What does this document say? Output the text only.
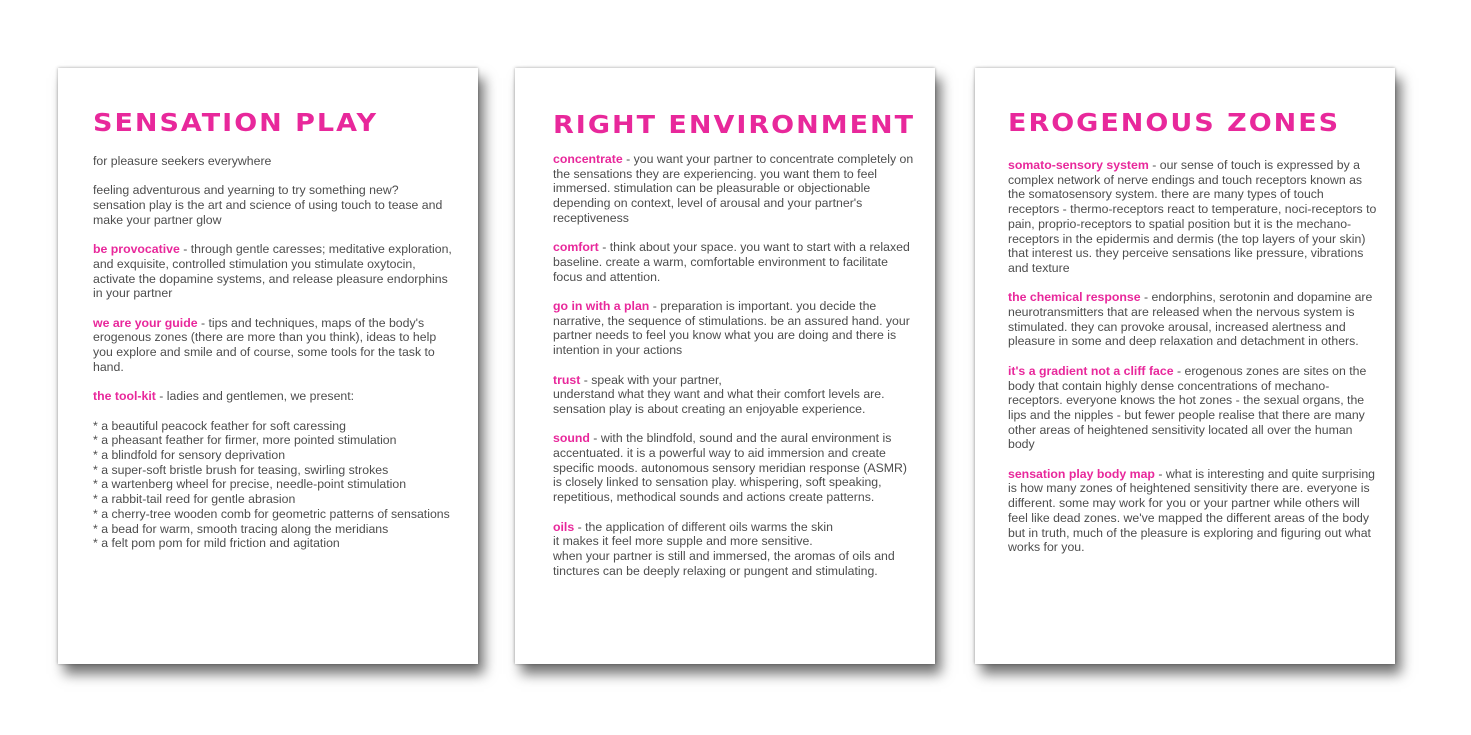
SENSATION PLAY

for pleasure seekers everywhere

feeling adventurous and yearning to try something new?
sensation play is the art and science of using touch to tease and make your partner glow

be provocative - through gentle caresses; meditative exploration, and exquisite, controlled stimulation you stimulate oxytocin, activate the dopamine systems, and release pleasure endorphins in your partner

we are your guide - tips and techniques, maps of the body's erogenous zones (there are more than you think), ideas to help you explore and smile and of course, some tools for the task to hand.

the tool-kit - ladies and gentlemen, we present:

* a beautiful peacock feather for soft caressing
* a pheasant feather for firmer, more pointed stimulation
* a blindfold for sensory deprivation
* a super-soft bristle brush for teasing, swirling strokes
* a wartenberg wheel for precise, needle-point stimulation
* a rabbit-tail reed for gentle abrasion
* a cherry-tree wooden comb for geometric patterns of sensations
* a bead for warm, smooth tracing along the meridians
* a felt pom pom for mild friction and agitation
RIGHT ENVIRONMENT

concentrate - you want your partner to concentrate completely on the sensations they are experiencing. you want them to feel immersed. stimulation can be pleasurable or objectionable depending on context, level of arousal and your partner's receptiveness

comfort - think about your space. you want to start with a relaxed baseline. create a warm, comfortable environment to facilitate focus and attention.

go in with a plan - preparation is important. you decide the narrative, the sequence of stimulations. be an assured hand. your partner needs to feel you know what you are doing and there is intention in your actions

trust - speak with your partner,
understand what they want and what their comfort levels are. sensation play is about creating an enjoyable experience.

sound - with the blindfold, sound and the aural environment is accentuated. it is a powerful way to aid immersion and create specific moods. autonomous sensory meridian response (ASMR) is closely linked to sensation play. whispering, soft speaking, repetitious, methodical sounds and actions create patterns.

oils - the application of different oils warms the skin
it makes it feel more supple and more sensitive.
when your partner is still and immersed, the aromas of oils and tinctures can be deeply relaxing or pungent and stimulating.

EROGENOUS ZONES

somato-sensory system - our sense of touch is expressed by a complex network of nerve endings and touch receptors known as the somatosensory system. there are many types of touch receptors - thermo-receptors react to temperature, noci-receptors to pain, proprio-receptors to spatial position but it is the mechano-receptors in the epidermis and dermis (the top layers of your skin) that interest us. they perceive sensations like pressure, vibrations and texture

the chemical response - endorphins, serotonin and dopamine are neurotransmitters that are released when the nervous system is stimulated. they can provoke arousal, increased alertness and pleasure in some and deep relaxation and detachment in others.

it's a gradient not a cliff face - erogenous zones are sites on the body that contain highly dense concentrations of mechano-receptors. everyone knows the hot zones - the sexual organs, the lips and the nipples - but fewer people realise that there are many other areas of heightened sensitivity located all over the human body

sensation play body map - what is interesting and quite surprising is how many zones of heightened sensitivity there are. everyone is different. some may work for you or your partner while others will feel like dead zones. we've mapped the different areas of the body but in truth, much of the pleasure is exploring and figuring out what works for you.
